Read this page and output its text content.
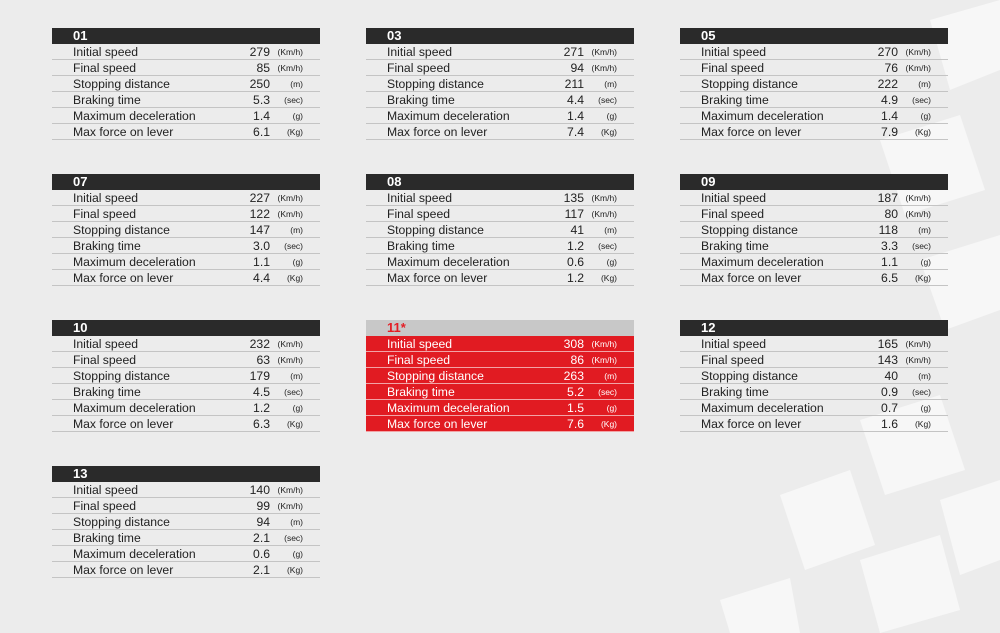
01
Initial speed	279 (Km/h)
Final speed	85 (Km/h)
Stopping distance	250	(m)
Braking time	5.3	(sec)
Maximum deceleration	1.4	(g)
Max force on lever	6.1	(Kg)
03
Initial speed	271 (Km/h)
Final speed	94 (Km/h)
Stopping distance	211	(m)
Braking time	4.4	(sec)
Maximum deceleration	1.4	(g)
Max force on lever	7.4	(Kg)
05
Initial speed	270 (Km/h)
Final speed	76 (Km/h)
Stopping distance	222	(m)
Braking time	4.9	(sec)
Maximum deceleration	1.4	(g)
Max force on lever	7.9	(Kg)
07
Initial speed	227 (Km/h)
Final speed	122 (Km/h)
Stopping distance	147	(m)
Braking time	3.0	(sec)
Maximum deceleration	1.1	(g)
Max force on lever	4.4	(Kg)
08
Initial speed	135 (Km/h)
Final speed	117 (Km/h)
Stopping distance	41	(m)
Braking time	1.2	(sec)
Maximum deceleration	0.6	(g)
Max force on lever	1.2	(Kg)
09
Initial speed	187 (Km/h)
Final speed	80 (Km/h)
Stopping distance	118	(m)
Braking time	3.3	(sec)
Maximum deceleration	1.1	(g)
Max force on lever	6.5	(Kg)
10
Initial speed	232 (Km/h)
Final speed	63 (Km/h)
Stopping distance	179	(m)
Braking time	4.5	(sec)
Maximum deceleration	1.2	(g)
Max force on lever	6.3	(Kg)
11*
Initial speed	308 (Km/h)
Final speed	86 (Km/h)
Stopping distance	263	(m)
Braking time	5.2	(sec)
Maximum deceleration	1.5	(g)
Max force on lever	7.6	(Kg)
12
Initial speed	165 (Km/h)
Final speed	143 (Km/h)
Stopping distance	40	(m)
Braking time	0.9	(sec)
Maximum deceleration	0.7	(g)
Max force on lever	1.6	(Kg)
13
Initial speed	140 (Km/h)
Final speed	99 (Km/h)
Stopping distance	94	(m)
Braking time	2.1	(sec)
Maximum deceleration	0.6	(g)
Max force on lever	2.1	(Kg)
